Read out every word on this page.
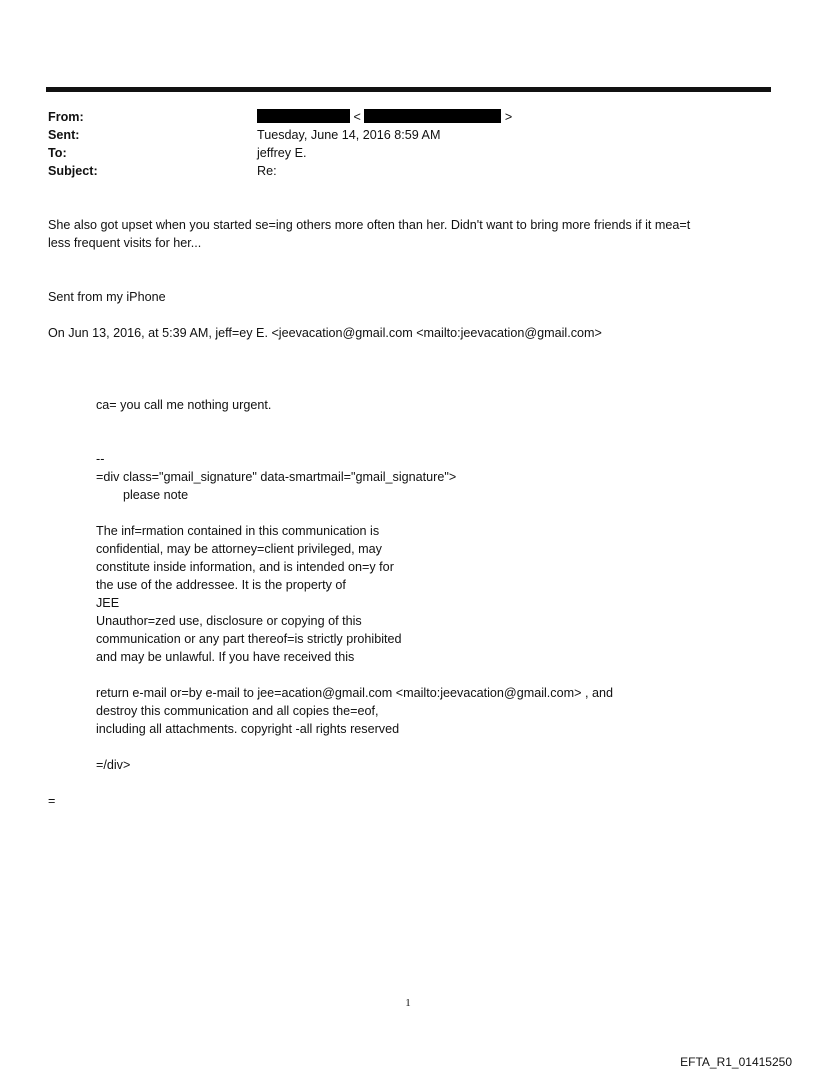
From:	<	>
Sent:	Tuesday, June 14, 2016 8:59 AM
To:	jeffrey E.
Subject:	Re:
She also got upset when you started se=ing others more often than her. Didn't want to bring more friends if it mea=t
less frequent visits for her...
Sent from my iPhone
On Jun 13, 2016, at 5:39 AM, jeff=ey E. <jeevacation@gmail.com <mailto:jeevacation@gmail.com>
ca= you call me nothing urgent.

--

=div class="gmail_signature" data-smartmail="gmail_signature">

please note

The inf=rmation contained in this communication is

confidential, may be attorney=client privileged, may

constitute inside information, and is intended on=y for

the use of the addressee. It is the property of

JEE

Unauthor=zed use, disclosure or copying of this

communication or any part thereof=is strictly prohibited

and may be unlawful. If you have received this

return e-mail or=by e-mail to jee=acation@gmail.com <mailto:jeevacation@gmail.com> , and

destroy this communication and all copies the=eof,

including all attachments. copyright -all rights reserved

=/div>

=
1
EFTA_R1_01415250
